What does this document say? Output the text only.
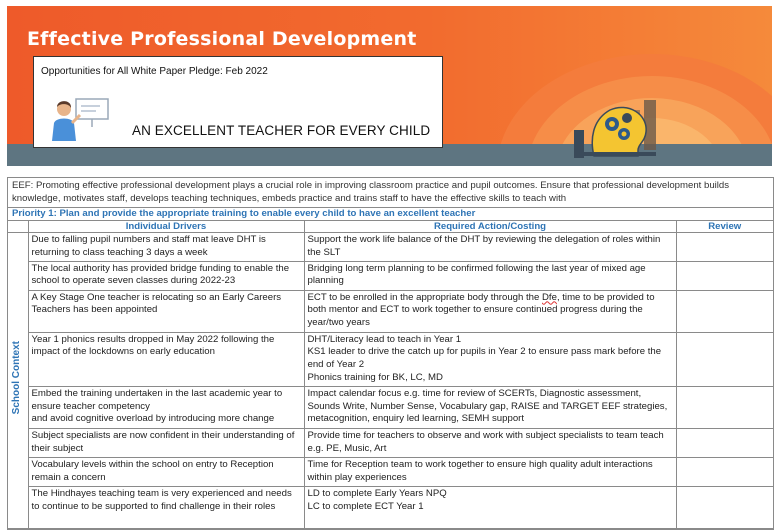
Effective Professional Development
Opportunities for All White Paper Pledge: Feb 2022
AN EXCELLENT TEACHER FOR EVERY CHILD
EEF: Promoting effective professional development plays a crucial role in improving classroom practice and pupil outcomes. Ensure that professional development builds knowledge, motivates staff, develops teaching techniques, embeds practice and trains staff to have the effective skills to teach with
Priority 1: Plan and provide the appropriate training to enable every child to have an excellent teacher
	Individual Drivers	Required Action/Costing	Review
School Context	Due to falling pupil numbers and staff mat leave DHT is returning to class teaching 3 days a week	Support the work life balance of the DHT by reviewing the delegation of roles within the SLT	
	The local authority has provided bridge funding to enable the school to operate seven classes during 2022-23	Bridging long term planning to be confirmed following the last year of mixed age planning	
	A Key Stage One teacher is relocating so an Early Careers Teachers has been appointed	ECT to be enrolled in the appropriate body through the Dfe, time to be provided to both mentor and ECT to work together to ensure continued progress during the year/two years	
	Year 1 phonics results dropped in May 2022 following the impact of the lockdowns on early education	DHT/Literacy lead to teach in Year 1
KS1 leader to drive the catch up for pupils in Year 2 to ensure pass mark before the end of Year 2
Phonics training for BK, LC, MD	

	Embed the training undertaken in the last academic year to ensure teacher competency
and avoid cognitive overload by introducing more change	Impact calendar focus e.g. time for review of SCERTs, Diagnostic assessment, Sounds Write, Number Sense, Vocabulary gap, RAISE and TARGET EEF strategies, metacognition, enquiry led learning, SEMH support	
	Subject specialists are now confident in their understanding of their subject	Provide time for teachers to observe and work with subject specialists to team teach e.g. PE, Music, Art	
	Vocabulary levels within the school on entry to Reception remain a concern	Time for Reception team to work together to ensure high quality adult interactions within play experiences	
	The Hindhayes teaching team is very experienced and needs to continue to be supported to find challenge in their roles	LD to complete Early Years NPQ
LC to complete ECT Year 1	
